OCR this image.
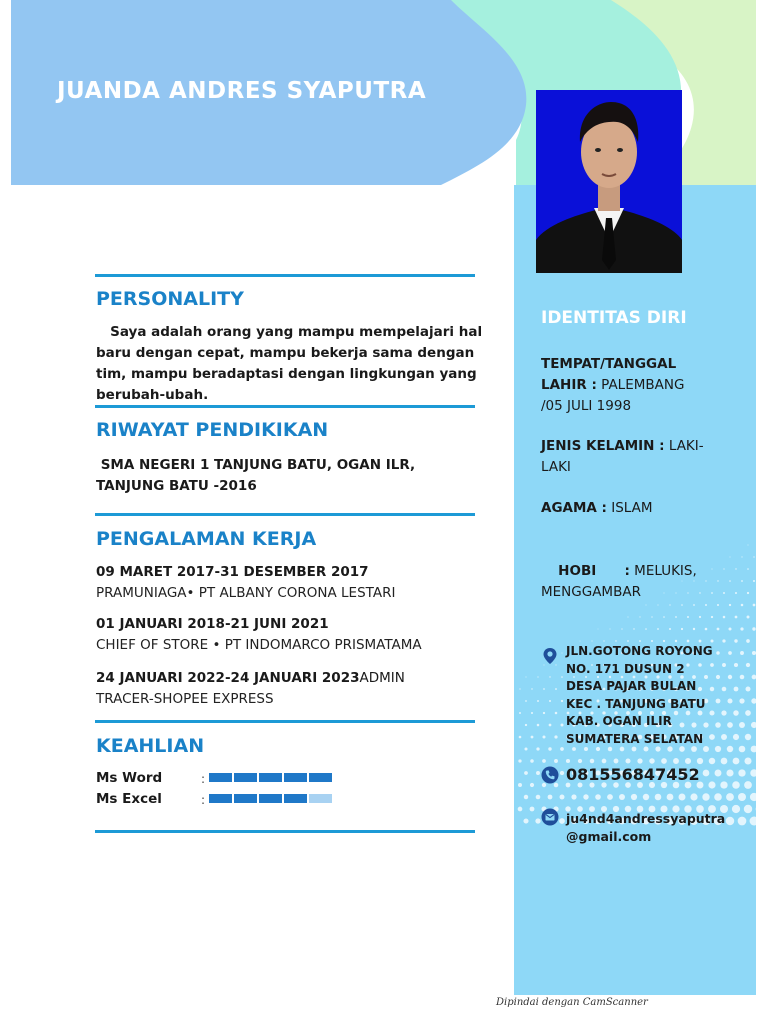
JUANDA ANDRES SYAPUTRA
PERSONALITY

Saya adalah orang yang mampu mempelajari hal

baru dengan cepat, mampu bekerja sama dengan

tim, mampu beradaptasi dengan lingkungan yang

berubah-ubah.

RIWAYAT PENDIKIKAN

SMA NEGERI 1 TANJUNG BATU, OGAN ILR,

TANJUNG BATU -2016

PENGALAMAN KERJA

09 MARET 2017-31 DESEMBER 2017

PRAMUNIAGA• PT ALBANY CORONA LESTARI

01 JANUARI 2018-21 JUNI 2021

CHIEF OF STORE • PT INDOMARCO PRISMATAMA

24 JANUARI 2022-24 JANUARI 2023ADMIN

TRACER-SHOPEE EXPRESS

KEAHLIAN
Ms Word	:
Ms Excel	:
IDENTITAS DIRI

TEMPAT/TANGGAL
LAHIR : PALEMBANG
/05 JULI 1998

JENIS KELAMIN : LAKI-
LAKI

AGAMA : ISLAM

HOBI      : MELUKIS,
MENGGAMBAR

JLN.GOTONG ROYONG
NO. 171 DUSUN 2
DESA PAJAR BULAN
KEC . TANJUNG BATU
KAB. OGAN ILIR
SUMATERA SELATAN

081556847452

ju4nd4andressyaputra
@gmail.com

Dipindai dengan CamScanner
